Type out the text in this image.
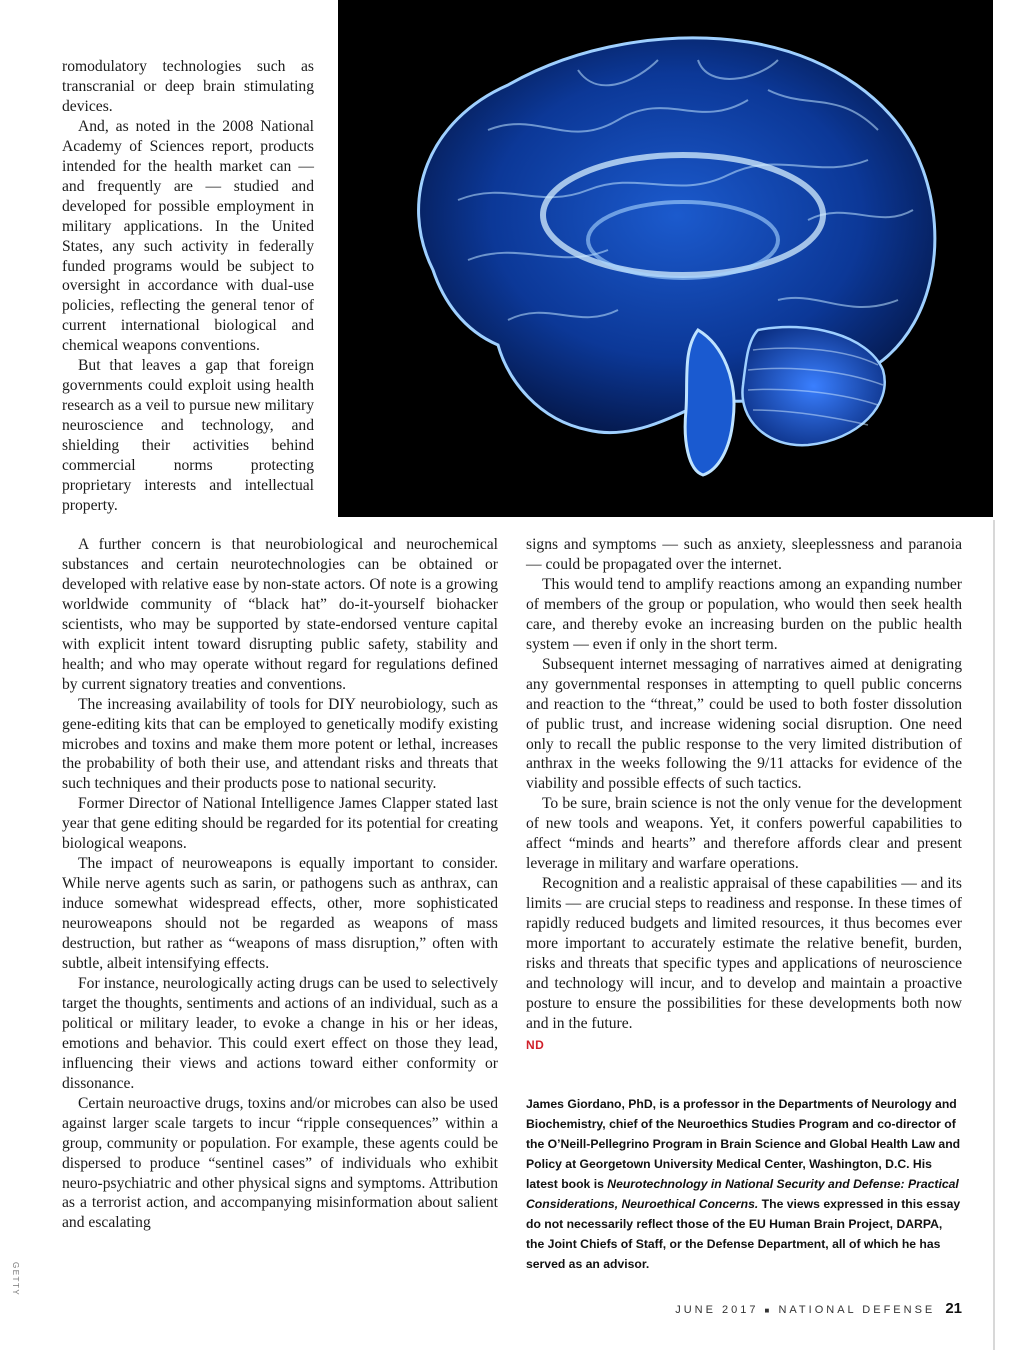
romodulatory technologies such as transcranial or deep brain stimulating devices.

And, as noted in the 2008 National Academy of Sciences report, products intended for the health market can — and frequently are — studied and developed for possible employment in military applications. In the United States, any such activity in federally funded programs would be subject to oversight in accordance with dual-use policies, reflecting the general tenor of current international biological and chemical weapons conventions.

But that leaves a gap that foreign governments could exploit using health research as a veil to pursue new military neuroscience and technology, and shielding their activities behind commercial norms protecting proprietary interests and intellectual property.

A further concern is that neurobiological and neurochemical substances and certain neurotechnologies can be obtained or developed with relative ease by non-state actors. Of note is a growing worldwide community of “black hat” do-it-yourself biohacker scientists, who may be supported by state-endorsed venture capital with explicit intent toward disrupting public safety, stability and health; and who may operate without regard for regulations defined by current signatory treaties and conventions.

The increasing availability of tools for DIY neurobiology, such as gene-editing kits that can be employed to genetically modify existing microbes and toxins and make them more potent or lethal, increases the probability of both their use, and attendant risks and threats that such techniques and their products pose to national security.

Former Director of National Intelligence James Clapper stated last year that gene editing should be regarded for its potential for creating biological weapons.

The impact of neuroweapons is equally important to consider. While nerve agents such as sarin, or pathogens such as anthrax, can induce somewhat widespread effects, other, more sophisticated neuroweapons should not be regarded as weapons of mass destruction, but rather as “weapons of mass disruption,” often with subtle, albeit intensifying effects.

For instance, neurologically acting drugs can be used to selectively target the thoughts, sentiments and actions of an individual, such as a political or military leader, to evoke a change in his or her ideas, emotions and behavior. This could exert effect on those they lead, influencing their views and actions toward either conformity or dissonance.

Certain neuroactive drugs, toxins and/or microbes can also be used against larger scale targets to incur “ripple consequences” within a group, community or population. For example, these agents could be dispersed to produce “sentinel cases” of individuals who exhibit neuro-psychiatric and other physical signs and symptoms. Attribution as a terrorist action, and accompanying misinformation about salient and escalating

signs and symptoms — such as anxiety, sleeplessness and paranoia — could be propagated over the internet.

This would tend to amplify reactions among an expanding number of members of the group or population, who would then seek health care, and thereby evoke an increasing burden on the public health system — even if only in the short term.

Subsequent internet messaging of narratives aimed at denigrating any governmental responses in attempting to quell public concerns and reaction to the “threat,” could be used to both foster dissolution of public trust, and increase widening social disruption. One need only to recall the public response to the very limited distribution of anthrax in the weeks following the 9/11 attacks for evidence of the viability and possible effects of such tactics.

To be sure, brain science is not the only venue for the development of new tools and weapons. Yet, it confers powerful capabilities to affect “minds and hearts” and therefore affords clear and present leverage in military and warfare operations.

Recognition and a realistic appraisal of these capabilities — and its limits — are crucial steps to readiness and response. In these times of rapidly reduced budgets and limited resources, it thus becomes ever more important to accurately estimate the relative benefit, burden, risks and threats that specific types and applications of neuroscience and technology will incur, and to develop and maintain a proactive posture to ensure the possibilities for these developments both now and in the future.

ND
James Giordano, PhD, is a professor in the Departments of Neurology and Biochemistry, chief of the Neuroethics Studies Program and co-director of the O’Neill-Pellegrino Program in Brain Science and Global Health Law and Policy at Georgetown University Medical Center, Washington, D.C. His latest book is Neurotechnology in National Security and Defense: Practical Considerations, Neuroethical Concerns. The views expressed in this essay do not necessarily reflect those of the EU Human Brain Project, DARPA, the Joint Chiefs of Staff, or the Defense Department, all of which he has served as an advisor.
GETTY
JUNE 2017 ■ NATIONAL DEFENSE 21
